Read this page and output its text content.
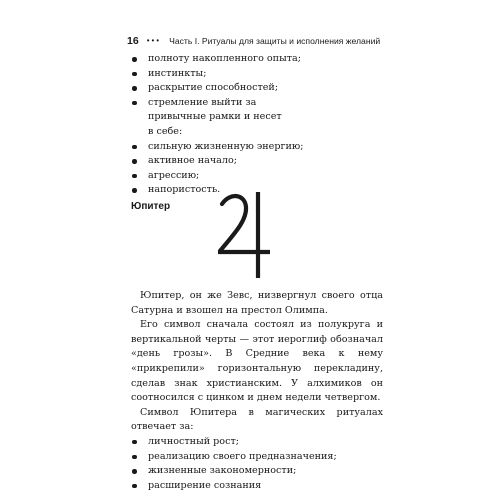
16 ••• Часть I. Ритуалы для защиты и исполнения желаний
полноту накопленного опыта;
инстинкты;
раскрытие способностей;
стремление выйти за привычные рамки и несет в себе:
сильную жизненную энергию;
активное начало;
агрессию;
напористость.
Юпитер

Юпитер, он же Зевс, низвергнул своего отца Сатурна и взошел на престол Олимпа.

Его символ сначала состоял из полукруга и вертикальной черты — этот иероглиф обозначал «день грозы». В Средние века к нему «прикрепили» горизонтальную перекладину, сделав знак христианским. У алхимиков он соотносился с цинком и днем недели четвергом.

Символ Юпитера в магических ритуалах отвечает за:

личностный рост;
реализацию своего предназначения;
жизненные закономерности;
расширение сознания
